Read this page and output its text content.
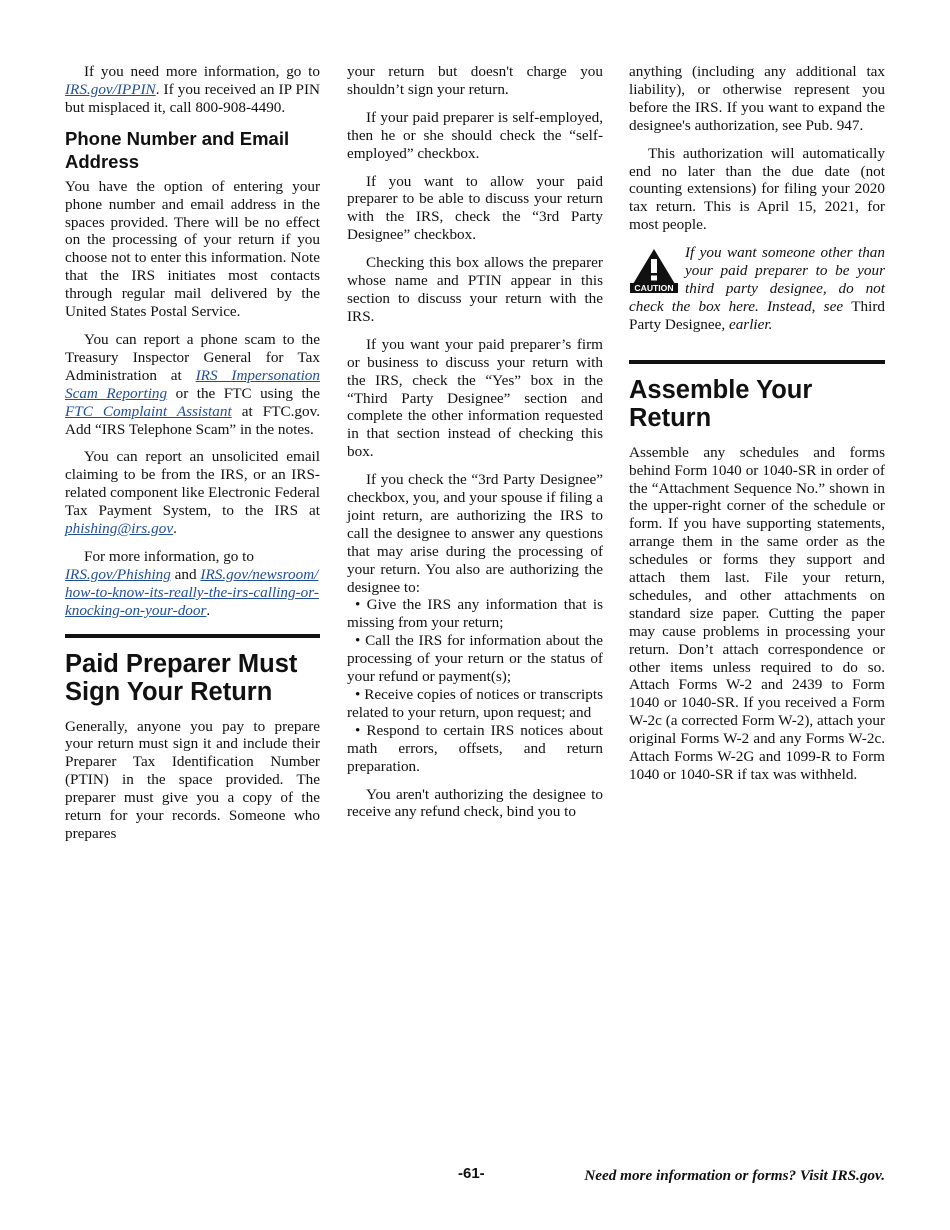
If you need more information, go to IRS.gov/IPPIN. If you received an IP PIN but misplaced it, call 800-908-4490.

Phone Number and Email Address

You have the option of entering your phone number and email address in the spaces provided. There will be no effect on the processing of your return if you choose not to enter this information. Note that the IRS initiates most contacts through regular mail delivered by the United States Postal Service.

You can report a phone scam to the Treasury Inspector General for Tax Administration at IRS Impersonation Scam Reporting or the FTC using the FTC Complaint Assistant at FTC.gov. Add “IRS Telephone Scam” in the notes.

You can report an unsolicited email claiming to be from the IRS, or an IRS-related component like Electronic Federal Tax Payment System, to the IRS at phishing@irs.gov.

For more information, go to IRS.gov/Phishing and IRS.gov/newsroom/how-to-know-its-really-the-irs-calling-or-knocking-on-your-door.

Paid Preparer Must Sign Your Return

Generally, anyone you pay to prepare your return must sign it and include their Preparer Tax Identification Number (PTIN) in the space provided. The preparer must give you a copy of the return for your records. Someone who prepares

your return but doesn't charge you shouldn’t sign your return.

If your paid preparer is self-employed, then he or she should check the “self-employed” checkbox.

If you want to allow your paid preparer to be able to discuss your return with the IRS, check the “3rd Party Designee” checkbox.

Checking this box allows the preparer whose name and PTIN appear in this section to discuss your return with the IRS.

If you want your paid preparer’s firm or business to discuss your return with the IRS, check the “Yes” box in the “Third Party Designee” section and complete the other information requested in that section instead of checking this box.

If you check the “3rd Party Designee” checkbox, you, and your spouse if filing a joint return, are authorizing the IRS to call the designee to answer any questions that may arise during the processing of your return. You also are authorizing the designee to:

• Give the IRS any information that is missing from your return;

• Call the IRS for information about the processing of your return or the status of your refund or payment(s);

• Receive copies of notices or transcripts related to your return, upon request; and

• Respond to certain IRS notices about math errors, offsets, and return preparation.

You aren't authorizing the designee to receive any refund check, bind you to

anything (including any additional tax liability), or otherwise represent you before the IRS. If you want to expand the designee's authorization, see Pub. 947.

This authorization will automatically end no later than the due date (not counting extensions) for filing your 2020 tax return. This is April 15, 2021, for most people.

CAUTION
If you want someone other than your paid preparer to be your third party designee, do not check the box here. Instead, see Third Party Designee, earlier.
Assemble Your Return

Assemble any schedules and forms behind Form 1040 or 1040-SR in order of the “Attachment Sequence No.” shown in the upper-right corner of the schedule or form. If you have supporting statements, arrange them in the same order as the schedules or forms they support and attach them last. File your return, schedules, and other attachments on standard size paper. Cutting the paper may cause problems in processing your return. Don’t attach correspondence or other items unless required to do so. Attach Forms W-2 and 2439 to Form 1040 or 1040-SR. If you received a Form W-2c (a corrected Form W-2), attach your original Forms W-2 and any Forms W-2c. Attach Forms W-2G and 1099-R to Form 1040 or 1040-SR if tax was withheld.

-61-	Need more information or forms? Visit IRS.gov.
